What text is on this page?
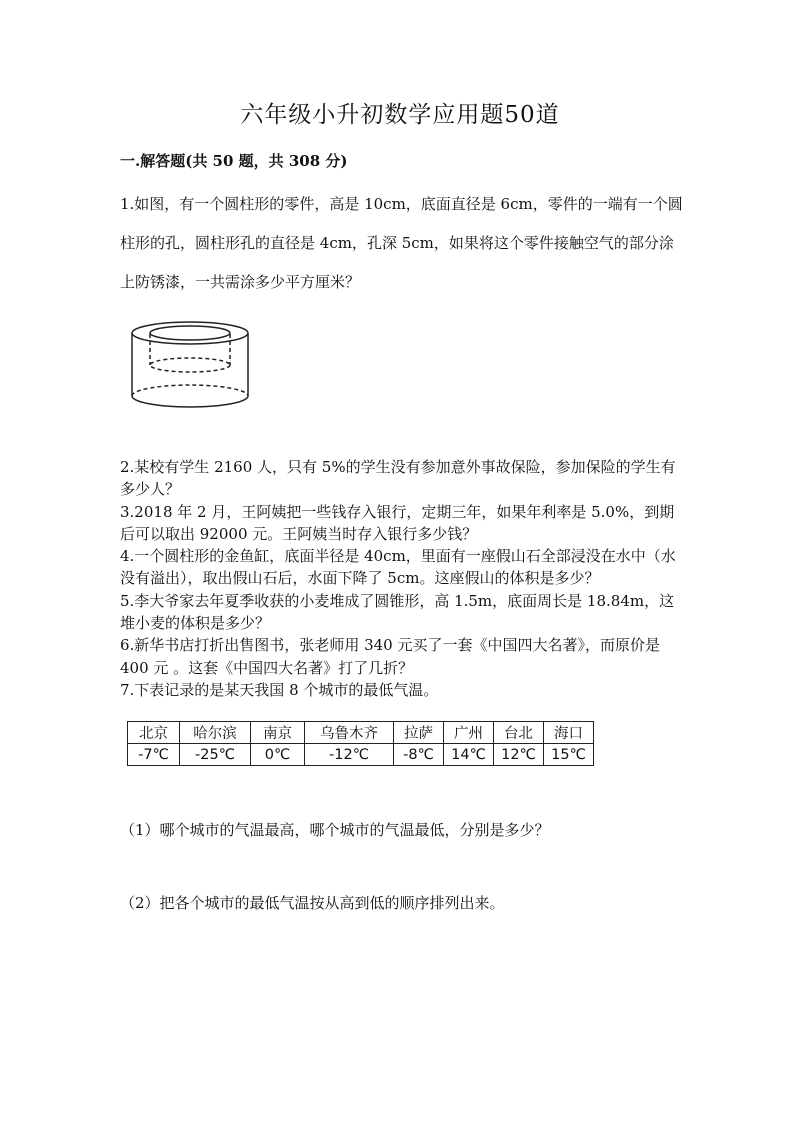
六年级小升初数学应用题50道
一.解答题(共 50 题，共 308 分)
1.如图，有一个圆柱形的零件，高是 10cm，底面直径是 6cm，零件的一端有一个圆柱形的孔，圆柱形孔的直径是 4cm，孔深 5cm，如果将这个零件接触空气的部分涂上防锈漆，一共需涂多少平方厘米？

2.某校有学生 2160 人，只有 5%的学生没有参加意外事故保险，参加保险的学生有多少人？

3.2018 年 2 月，王阿姨把一些钱存入银行，定期三年，如果年利率是 5.0%，到期后可以取出 92000 元。王阿姨当时存入银行多少钱？

4.一个圆柱形的金鱼缸，底面半径是 40cm，里面有一座假山石全部浸没在水中（水没有溢出），取出假山石后，水面下降了 5cm。这座假山的体积是多少？

5.李大爷家去年夏季收获的小麦堆成了圆锥形，高 1.5m，底面周长是 18.84m，这堆小麦的体积是多少？

6.新华书店打折出售图书，张老师用 340 元买了一套《中国四大名著》，而原价是 400 元 。这套《中国四大名著》打了几折？

7.下表记录的是某天我国 8 个城市的最低气温。

北京	哈尔滨	南京	乌鲁木齐	拉萨	广州	台北	海口
-7℃	-25℃	0℃	-12℃	-8℃	14℃	12℃	15℃
（1）哪个城市的气温最高，哪个城市的气温最低，分别是多少？
（2）把各个城市的最低气温按从高到低的顺序排列出来。
